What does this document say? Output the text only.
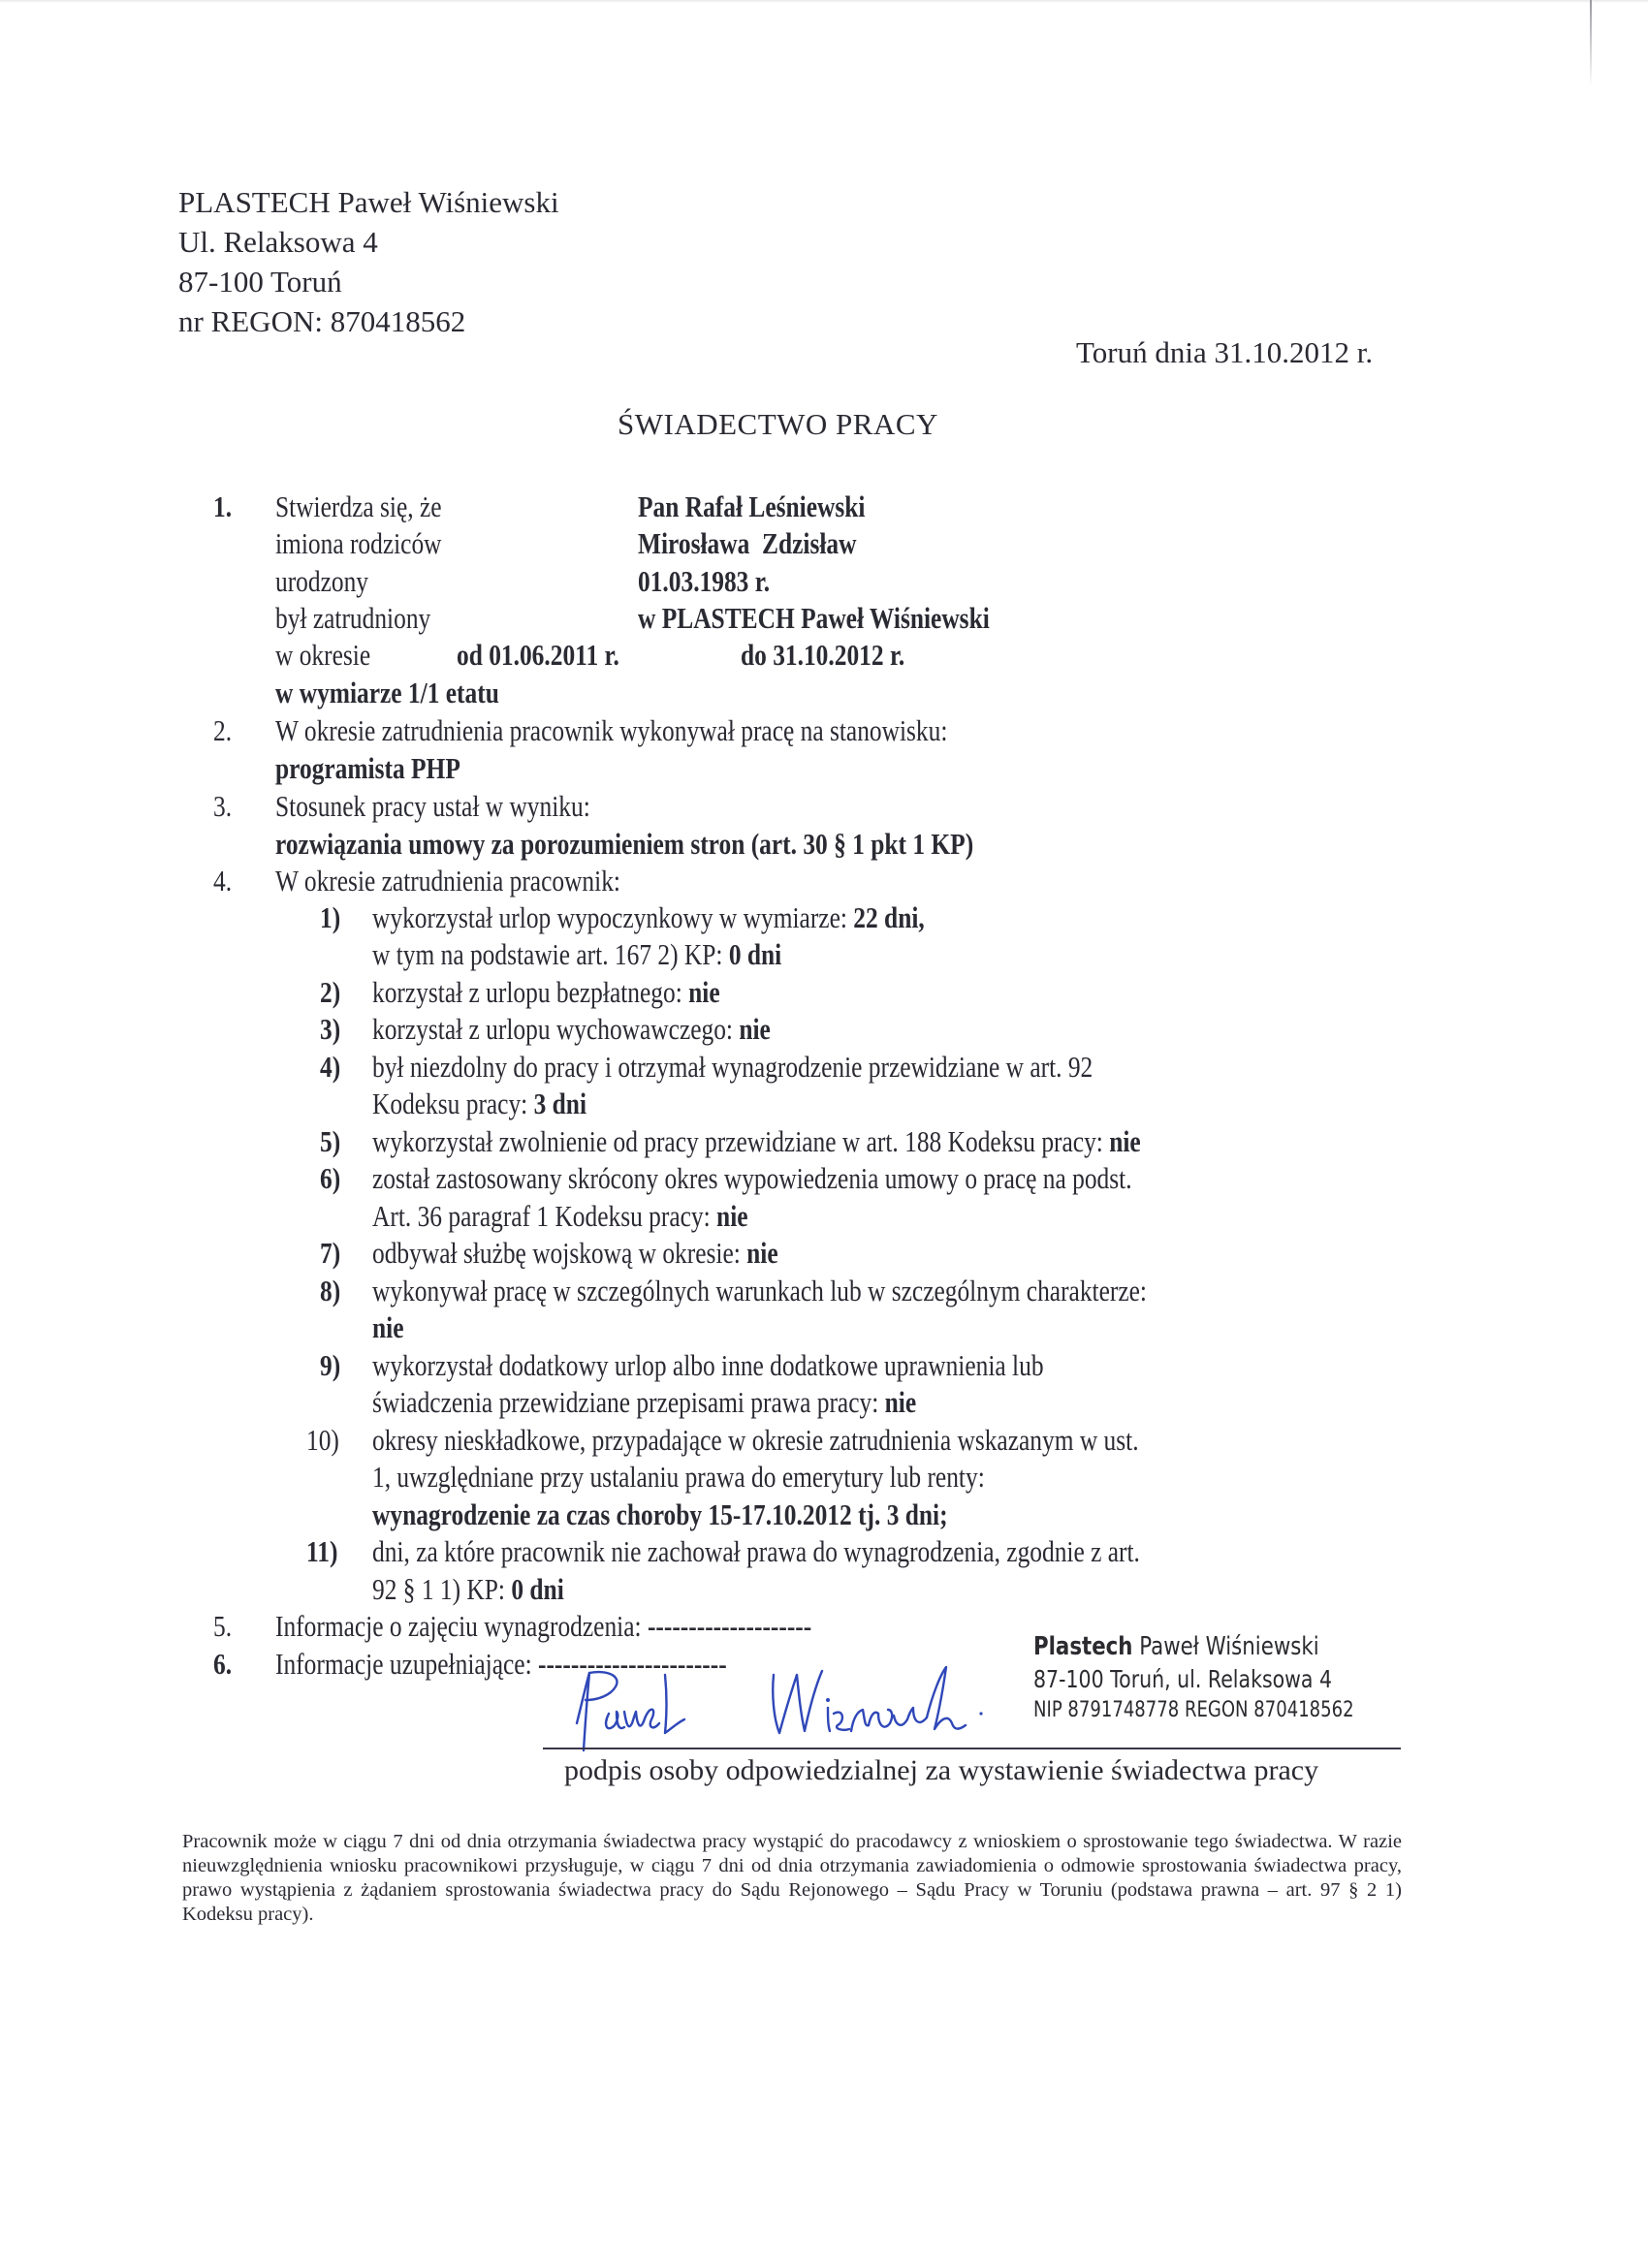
PLASTECH Paweł Wiśniewski
Ul. Relaksowa 4
87-100 Toruń
nr REGON: 870418562
Toruń dnia 31.10.2012 r.
ŚWIADECTWO PRACY
1. Stwierdza się, że	Pan Rafał Leśniewski
imiona rodziców	Mirosława  Zdzisław
urodzony	01.03.1983 r.
był zatrudniony	w PLASTECH Paweł Wiśniewski
w okresie	od 01.06.2011 r.	do 31.10.2012 r.
w wymiarze 1/1 etatu
2. W okresie zatrudnienia pracownik wykonywał pracę na stanowisku:
programista PHP
3. Stosunek pracy ustał w wyniku:
rozwiązania umowy za porozumieniem stron (art. 30 § 1 pkt 1 KP)
4. W okresie zatrudnienia pracownik:
1) wykorzystał urlop wypoczynkowy w wymiarze: 22 dni,
w tym na podstawie art. 167 2) KP: 0 dni
2) korzystał z urlopu bezpłatnego: nie
3) korzystał z urlopu wychowawczego: nie
4) był niezdolny do pracy i otrzymał wynagrodzenie przewidziane w art. 92
Kodeksu pracy: 3 dni
5) wykorzystał zwolnienie od pracy przewidziane w art. 188 Kodeksu pracy: nie
6) został zastosowany skrócony okres wypowiedzenia umowy o pracę na podst.
Art. 36 paragraf 1 Kodeksu pracy: nie
7) odbywał służbę wojskową w okresie: nie
8) wykonywał pracę w szczególnych warunkach lub w szczególnym charakterze:
nie
9) wykorzystał dodatkowy urlop albo inne dodatkowe uprawnienia lub
świadczenia przewidziane przepisami prawa pracy: nie
10) okresy nieskładkowe, przypadające w okresie zatrudnienia wskazanym w ust.
1, uwzględniane przy ustalaniu prawa do emerytury lub renty:
wynagrodzenie za czas choroby 15-17.10.2012 tj. 3 dni;
11) dni, za które pracownik nie zachował prawa do wynagrodzenia, zgodnie z art.
92 § 1 1) KP: 0 dni
5. Informacje o zajęciu wynagrodzenia: --------------------
6. Informacje uzupełniające: -----------------------	Plastech Paweł Wiśniewski
87-100 Toruń, ul. Relaksowa 4
NIP 8791748778 REGON 870418562
podpis osoby odpowiedzialnej za wystawienie świadectwa pracy

Pracownik może w ciągu 7 dni od dnia otrzymania świadectwa pracy wystąpić do pracodawcy z wnioskiem o sprostowanie tego świadectwa. W razie nieuwzględnienia wniosku pracownikowi przysługuje, w ciągu 7 dni od dnia otrzymania zawiadomienia o odmowie sprostowania świadectwa pracy, prawo wystąpienia z żądaniem sprostowania świadectwa pracy do Sądu Rejonowego – Sądu Pracy w Toruniu (podstawa prawna – art. 97 § 2 1) Kodeksu pracy).
